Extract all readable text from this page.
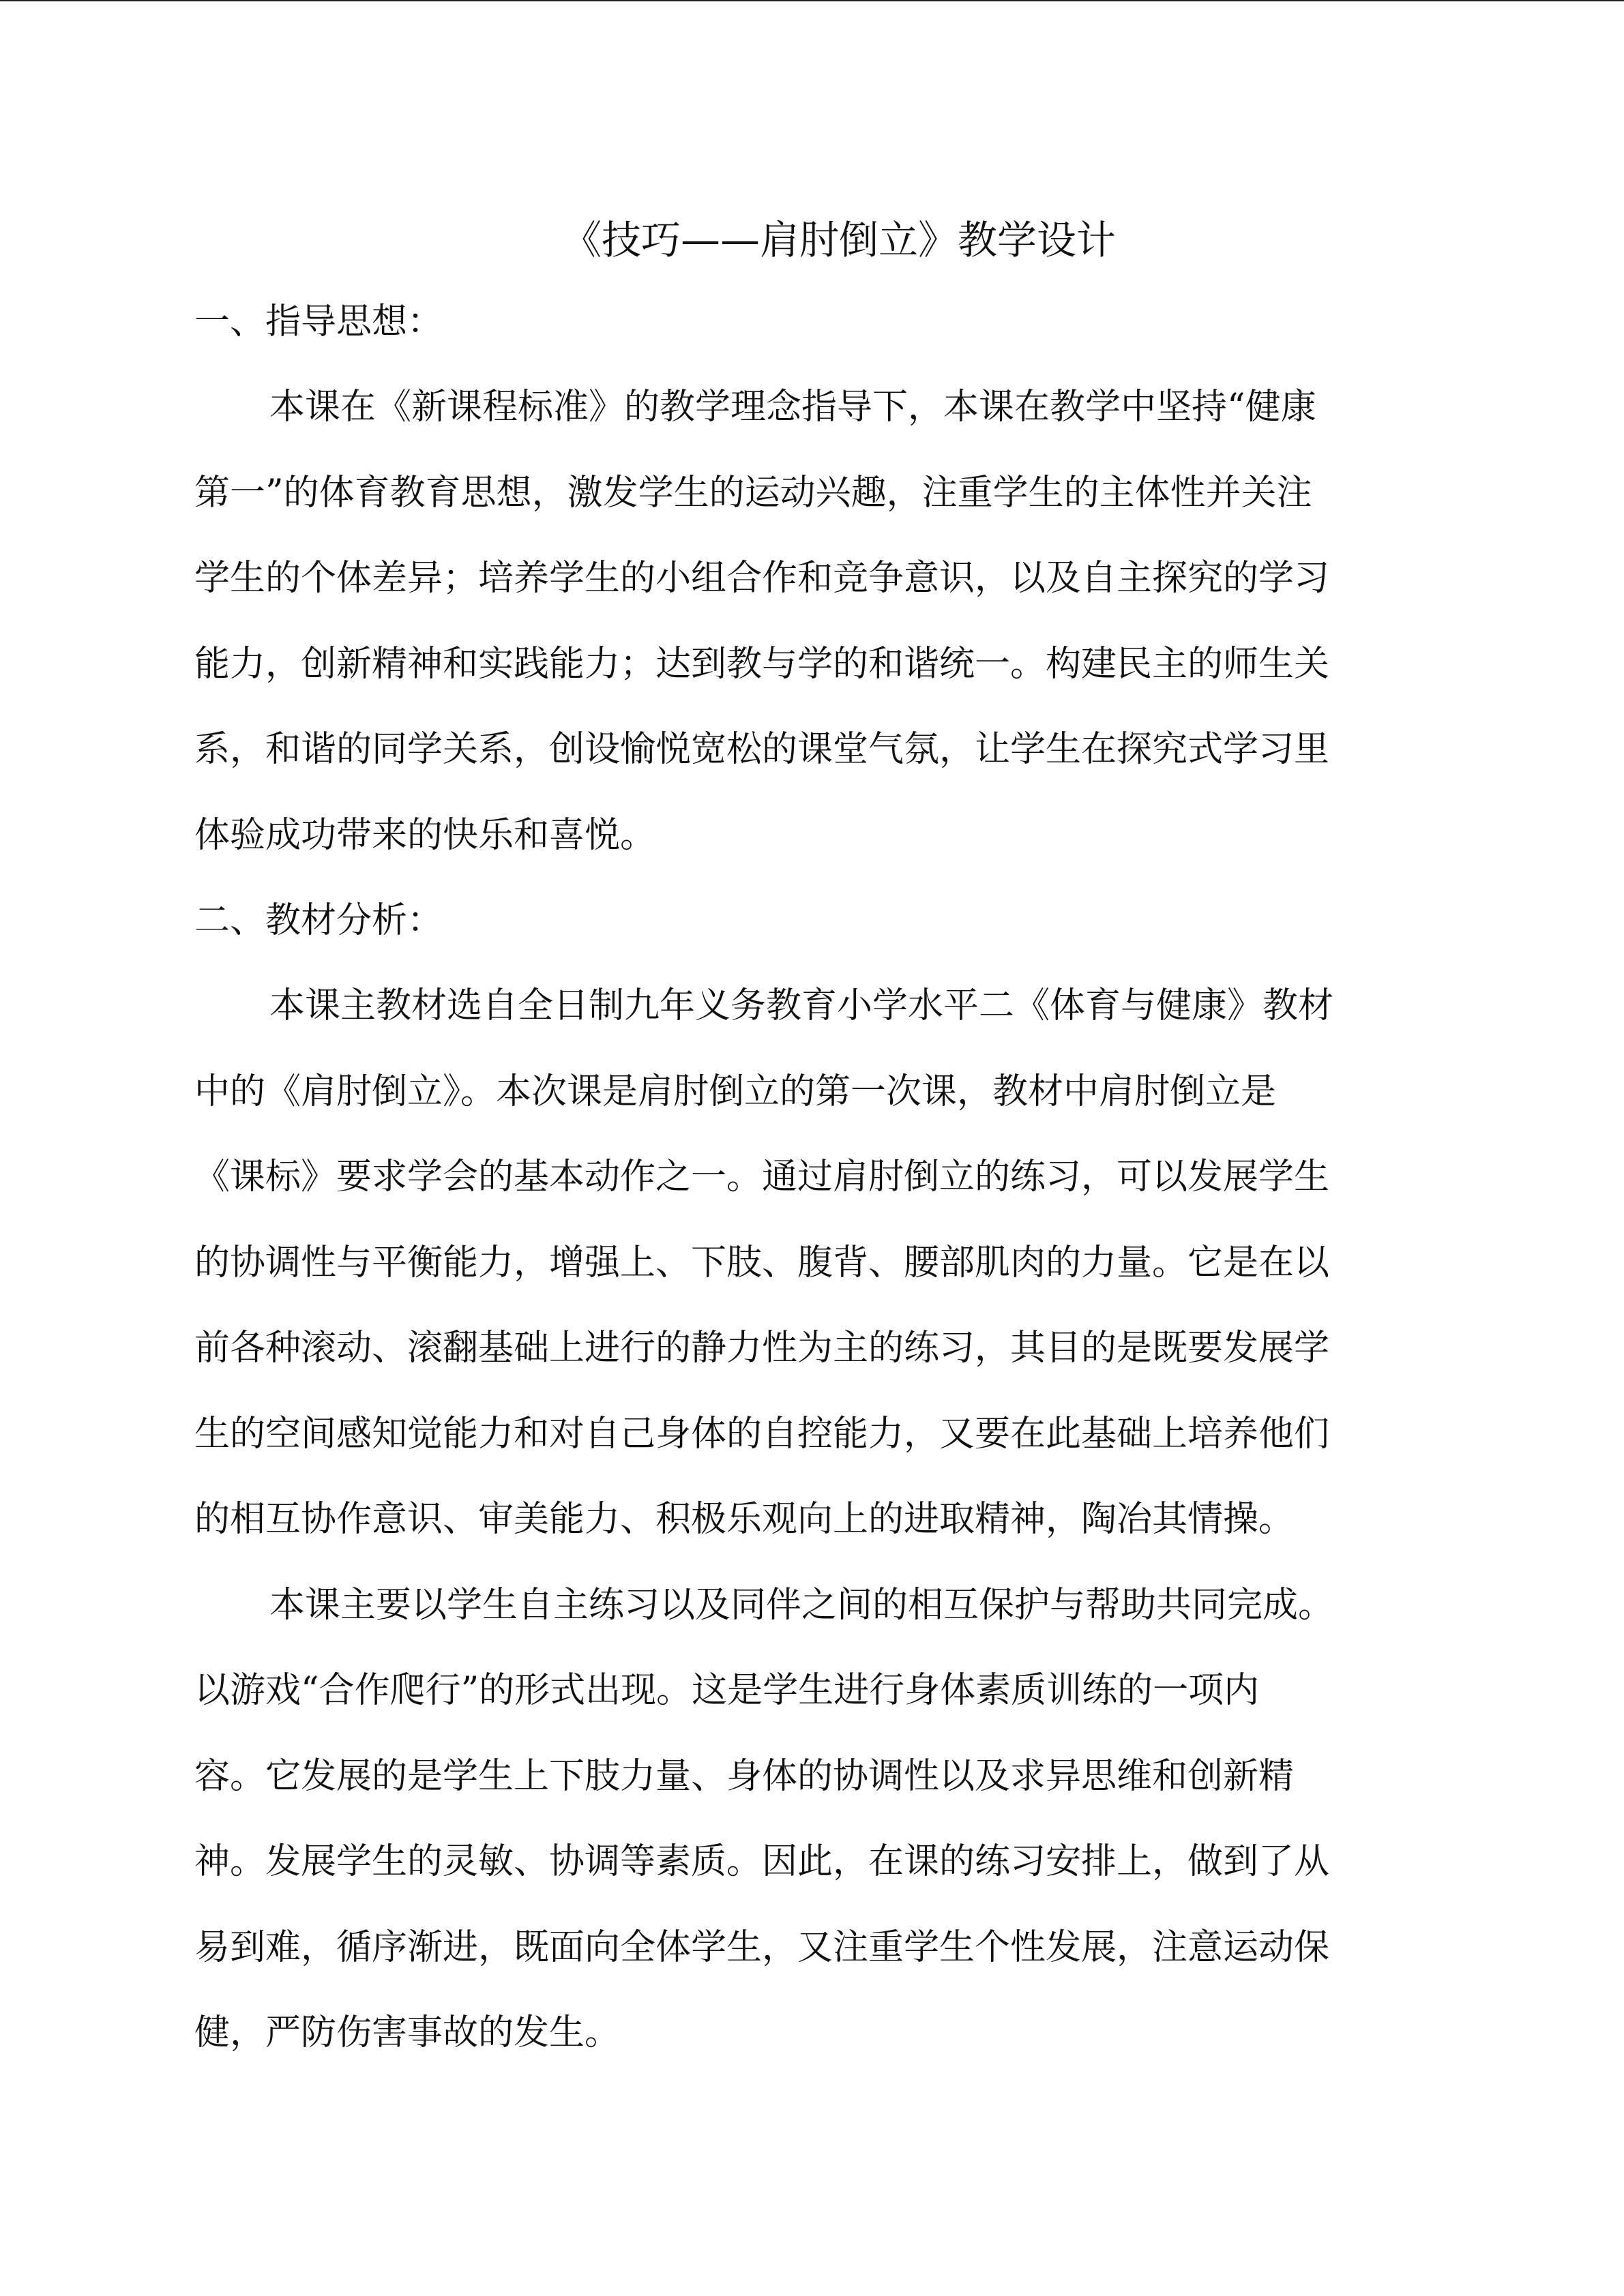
《技巧——肩肘倒立》教学设计
一、指导思想：
本课在《新课程标准》的教学理念指导下，本课在教学中坚持“健康
第一”的体育教育思想，激发学生的运动兴趣，注重学生的主体性并关注
学生的个体差异；培养学生的小组合作和竞争意识，以及自主探究的学习
能力，创新精神和实践能力；达到教与学的和谐统一。构建民主的师生关
系，和谐的同学关系，创设愉悦宽松的课堂气氛，让学生在探究式学习里
体验成功带来的快乐和喜悦。
二、教材分析：
本课主教材选自全日制九年义务教育小学水平二《体育与健康》教材
中的《肩肘倒立》。本次课是肩肘倒立的第一次课，教材中肩肘倒立是
《课标》要求学会的基本动作之一。通过肩肘倒立的练习，可以发展学生
的协调性与平衡能力，增强上、下肢、腹背、腰部肌肉的力量。它是在以
前各种滚动、滚翻基础上进行的静力性为主的练习，其目的是既要发展学
生的空间感知觉能力和对自己身体的自控能力，又要在此基础上培养他们
的相互协作意识、审美能力、积极乐观向上的进取精神，陶冶其情操。
本课主要以学生自主练习以及同伴之间的相互保护与帮助共同完成。
以游戏“合作爬行”的形式出现。这是学生进行身体素质训练的一项内
容。它发展的是学生上下肢力量、身体的协调性以及求异思维和创新精
神。发展学生的灵敏、协调等素质。因此，在课的练习安排上，做到了从
易到难，循序渐进，既面向全体学生，又注重学生个性发展，注意运动保
健，严防伤害事故的发生。
